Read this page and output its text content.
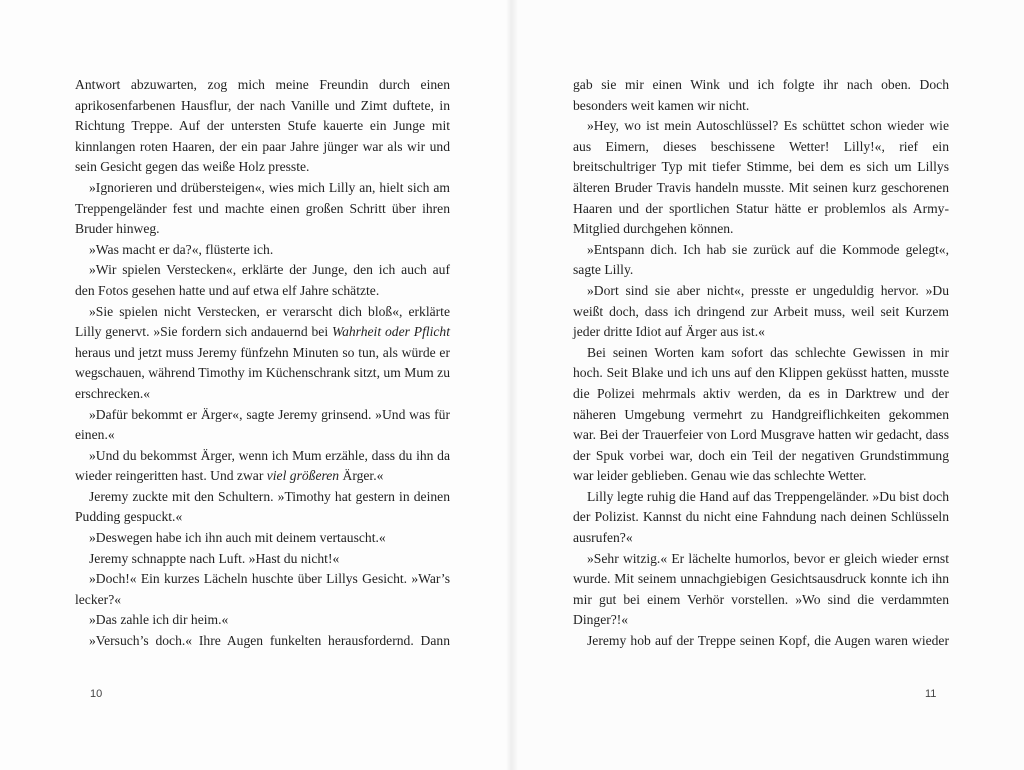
Antwort abzuwarten, zog mich meine Freundin durch einen aprikosenfarbenen Hausflur, der nach Vanille und Zimt duftete, in Richtung Treppe. Auf der untersten Stufe kauerte ein Junge mit kinnlangen roten Haaren, der ein paar Jahre jünger war als wir und sein Gesicht gegen das weiße Holz presste.

»Ignorieren und drübersteigen«, wies mich Lilly an, hielt sich am Treppengeländer fest und machte einen großen Schritt über ihren Bruder hinweg.

»Was macht er da?«, flüsterte ich.

»Wir spielen Verstecken«, erklärte der Junge, den ich auch auf den Fotos gesehen hatte und auf etwa elf Jahre schätzte.

»Sie spielen nicht Verstecken, er verarscht dich bloß«, erklärte Lilly genervt. »Sie fordern sich andauernd bei Wahrheit oder Pflicht heraus und jetzt muss Jeremy fünfzehn Minuten so tun, als würde er wegschauen, während Timothy im Küchenschrank sitzt, um Mum zu erschrecken.«

»Dafür bekommt er Ärger«, sagte Jeremy grinsend. »Und was für einen.«

»Und du bekommst Ärger, wenn ich Mum erzähle, dass du ihn da wieder reingeritten hast. Und zwar viel größeren Ärger.«

Jeremy zuckte mit den Schultern. »Timothy hat gestern in deinen Pudding gespuckt.«

»Deswegen habe ich ihn auch mit deinem vertauscht.«

Jeremy schnappte nach Luft. »Hast du nicht!«

»Doch!« Ein kurzes Lächeln huschte über Lillys Gesicht. »War’s lecker?«

»Das zahle ich dir heim.«

»Versuch’s doch.« Ihre Augen funkelten herausfordernd. Dann

10

gab sie mir einen Wink und ich folgte ihr nach oben. Doch besonders weit kamen wir nicht.

»Hey, wo ist mein Autoschlüssel? Es schüttet schon wieder wie aus Eimern, dieses beschissene Wetter! Lilly!«, rief ein breitschultriger Typ mit tiefer Stimme, bei dem es sich um Lillys älteren Bruder Travis handeln musste. Mit seinen kurz geschorenen Haaren und der sportlichen Statur hätte er problemlos als Army-Mitglied durchgehen können.

»Entspann dich. Ich hab sie zurück auf die Kommode gelegt«, sagte Lilly.

»Dort sind sie aber nicht«, presste er ungeduldig hervor. »Du weißt doch, dass ich dringend zur Arbeit muss, weil seit Kurzem jeder dritte Idiot auf Ärger aus ist.«

Bei seinen Worten kam sofort das schlechte Gewissen in mir hoch. Seit Blake und ich uns auf den Klippen geküsst hatten, musste die Polizei mehrmals aktiv werden, da es in Darktrew und der näheren Umgebung vermehrt zu Handgreiflichkeiten gekommen war. Bei der Trauerfeier von Lord Musgrave hatten wir gedacht, dass der Spuk vorbei war, doch ein Teil der negativen Grundstimmung war leider geblieben. Genau wie das schlechte Wetter.

Lilly legte ruhig die Hand auf das Treppengeländer. »Du bist doch der Polizist. Kannst du nicht eine Fahndung nach deinen Schlüsseln ausrufen?«

»Sehr witzig.« Er lächelte humorlos, bevor er gleich wieder ernst wurde. Mit seinem unnachgiebigen Gesichtsausdruck konnte ich ihn mir gut bei einem Verhör vorstellen. »Wo sind die verdammten Dinger?!«

Jeremy hob auf der Treppe seinen Kopf, die Augen waren wieder

11
